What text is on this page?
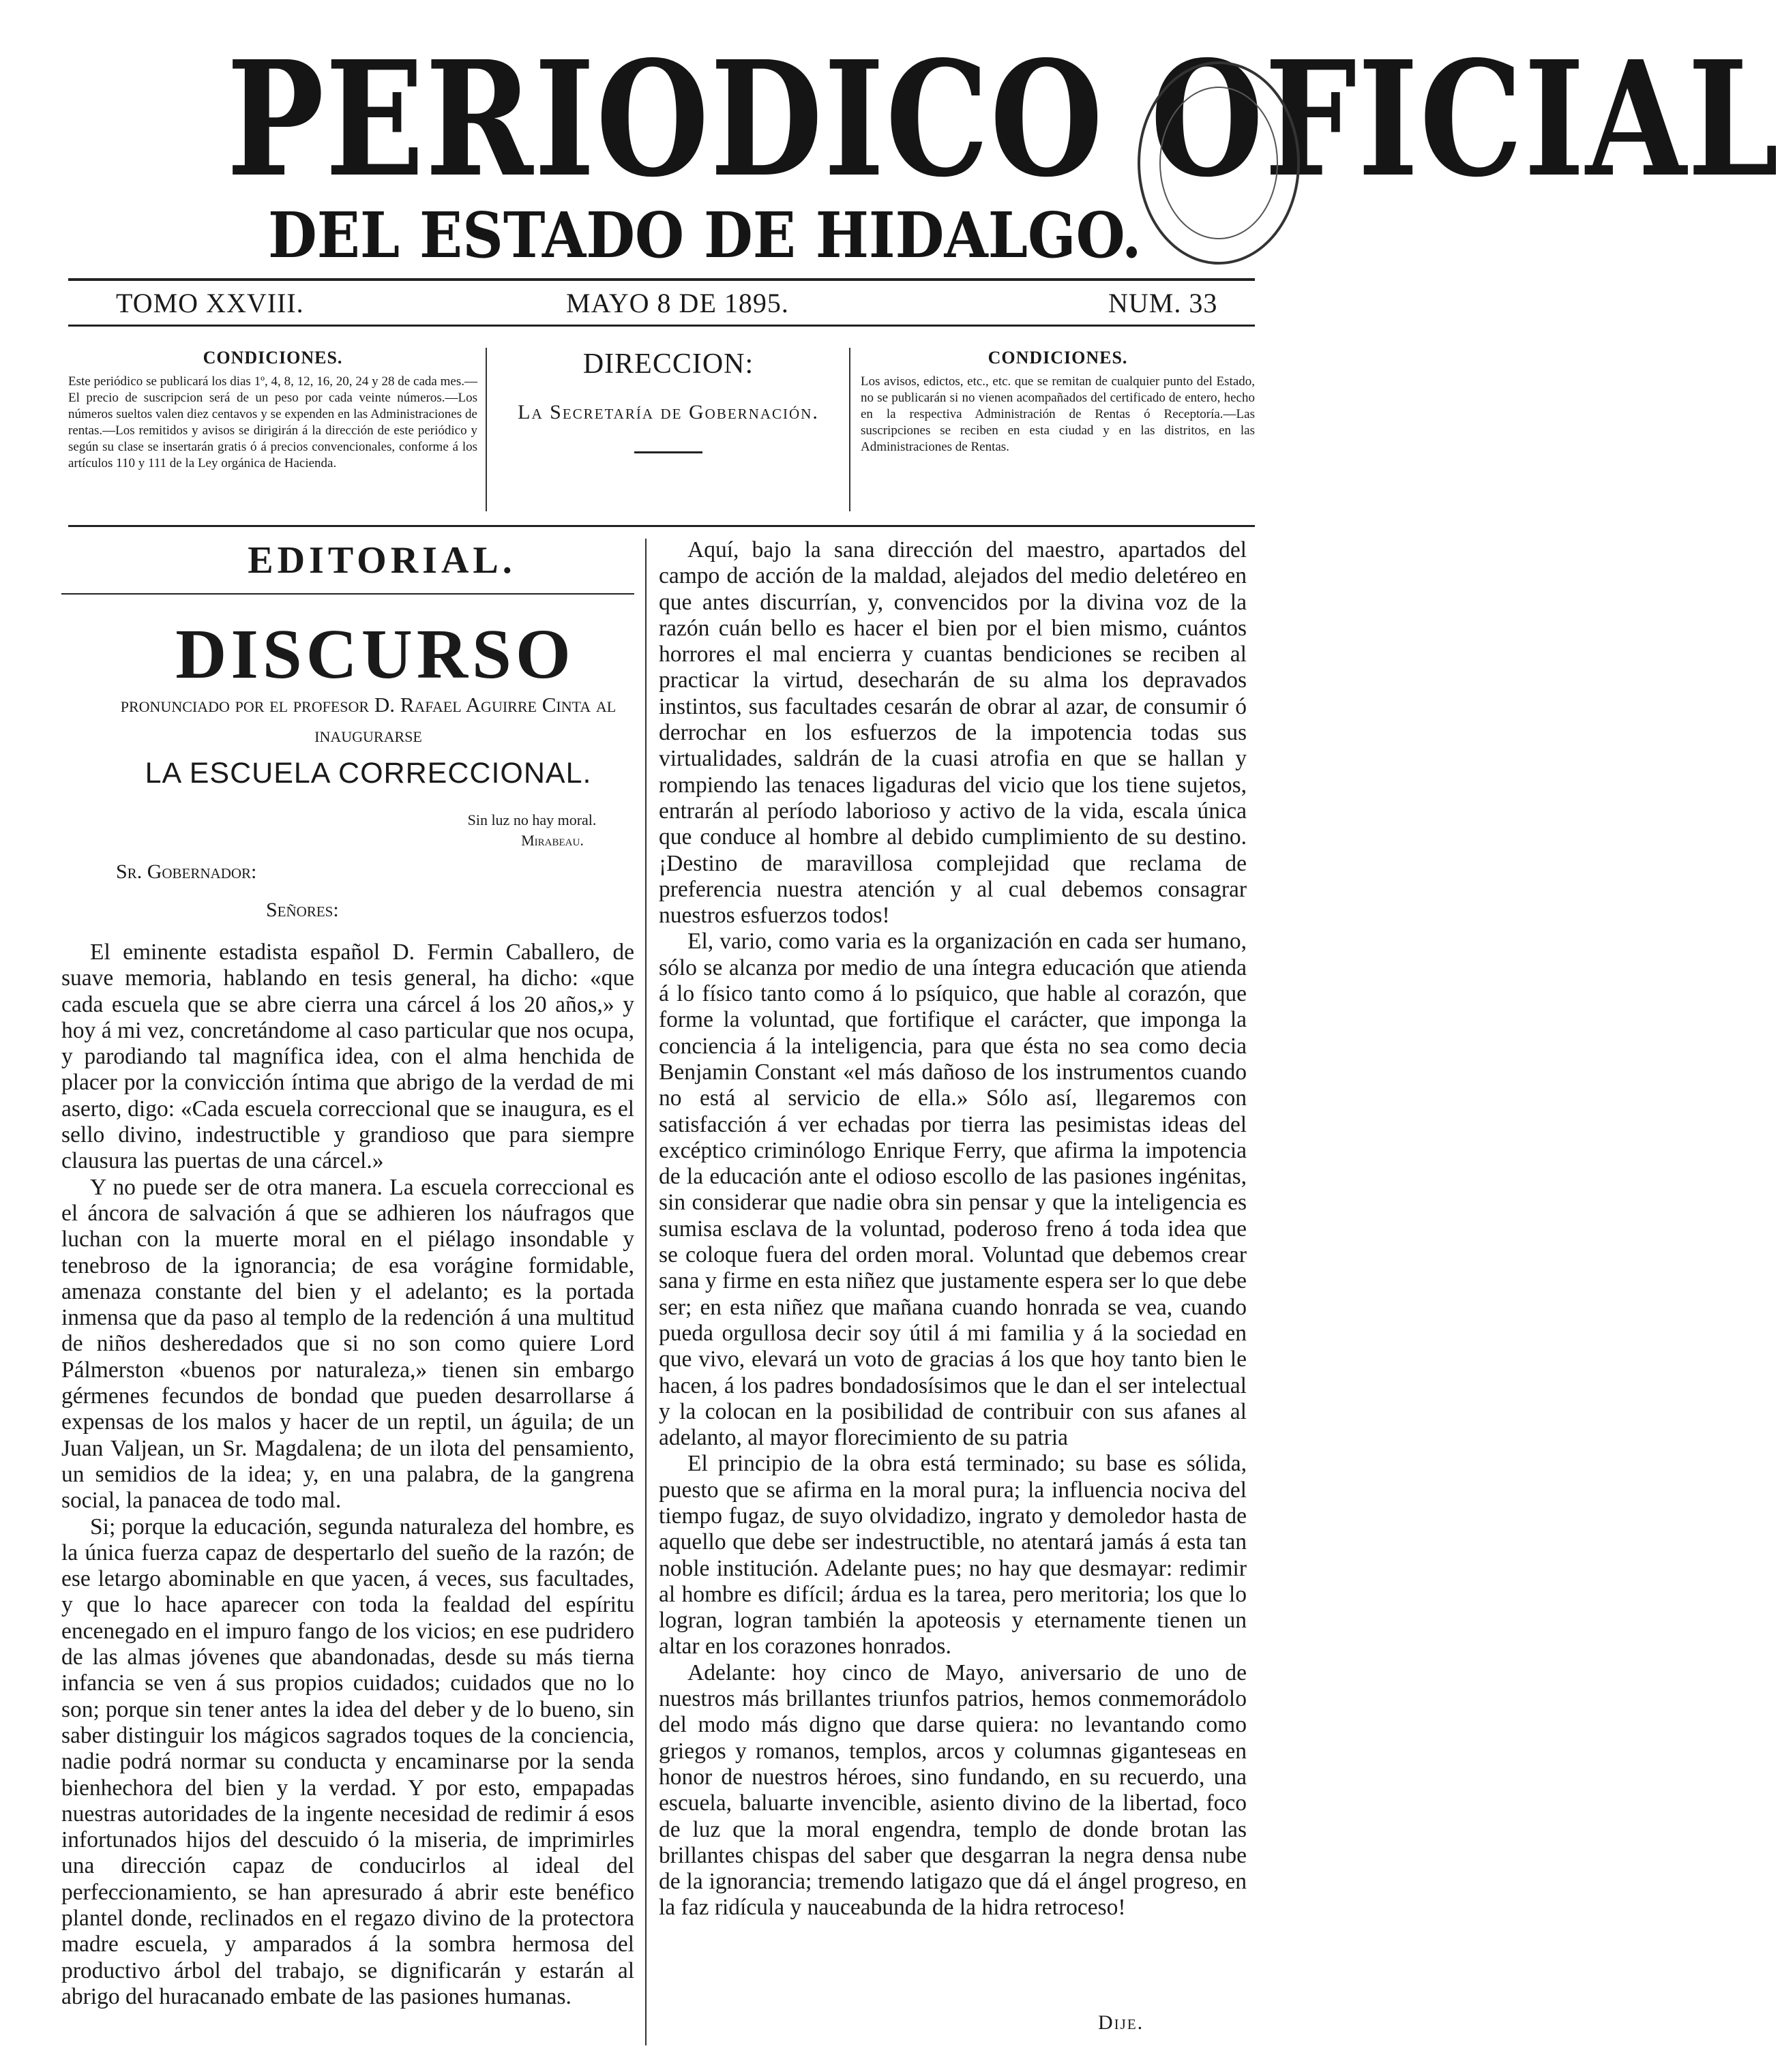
PERIODICO OFICIAL
DEL ESTADO DE HIDALGO.
TOMO XXVIII.	MAYO 8 DE 1895.	NUM. 33
CONDICIONES.
Este periódico se publicará los dias 1º, 4, 8, 12, 16, 20, 24 y 28 de cada mes.—El precio de suscripcion será de un peso por cada veinte números.—Los números sueltos valen diez centavos y se expenden en las Administraciones de rentas.—Los remitidos y avisos se dirigirán á la dirección de este periódico y según su clase se insertarán gratis ó á precios convencionales, conforme á los artículos 110 y 111 de la Ley orgánica de Hacienda.
DIRECCION:
La Secretaría de Gobernación.
CONDICIONES.
Los avisos, edictos, etc., etc. que se remitan de cualquier punto del Estado, no se publicarán si no vienen acompañados del certificado de entero, hecho en la respectiva Administración de Rentas ó Receptoría.—Las suscripciones se reciben en esta ciudad y en las distritos, en las Administraciones de Rentas.
EDITORIAL.
DISCURSO
pronunciado por el profesor D. Rafael Aguirre Cinta al inaugurarse
LA ESCUELA CORRECCIONAL.
Sin luz no hay moral.
Mirabeau.
Sr. Gobernador:
Señores:

El eminente estadista español D. Fermin Caballero, de suave memoria, hablando en tesis general, ha dicho: «que cada escuela que se abre cierra una cárcel á los 20 años,» y hoy á mi vez, concretándome al caso particular que nos ocupa, y parodiando tal magnífica idea, con el alma henchida de placer por la convicción íntima que abrigo de la verdad de mi aserto, digo: «Cada escuela correccional que se inaugura, es el sello divino, indestructible y grandioso que para siempre clausura las puertas de una cárcel.»

Y no puede ser de otra manera. La escuela correccional es el áncora de salvación á que se adhieren los náufragos que luchan con la muerte moral en el piélago insondable y tenebroso de la ignorancia; de esa vorágine formidable, amenaza constante del bien y el adelanto; es la portada inmensa que da paso al templo de la redención á una multitud de niños desheredados que si no son como quiere Lord Pálmerston «buenos por naturaleza,» tienen sin embargo gérmenes fecundos de bondad que pueden desarrollarse á expensas de los malos y hacer de un reptil, un águila; de un Juan Valjean, un Sr. Magdalena; de un ilota del pensamiento, un semidios de la idea; y, en una palabra, de la gangrena social, la panacea de todo mal.

Si; porque la educación, segunda naturaleza del hombre, es la única fuerza capaz de despertarlo del sueño de la razón; de ese letargo abominable en que yacen, á veces, sus facultades, y que lo hace aparecer con toda la fealdad del espíritu encenegado en el impuro fango de los vicios; en ese pudridero de las almas jóvenes que abandonadas, desde su más tierna infancia se ven á sus propios cuidados; cuidados que no lo son; porque sin tener antes la idea del deber y de lo bueno, sin saber distinguir los mágicos sagrados toques de la conciencia, nadie podrá normar su conducta y encaminarse por la senda bienhechora del bien y la verdad. Y por esto, empapadas nuestras autoridades de la ingente necesidad de redimir á esos infortunados hijos del descuido ó la miseria, de imprimirles una dirección capaz de conducirlos al ideal del perfeccionamiento, se han apresurado á abrir este benéfico plantel donde, reclinados en el regazo divino de la protectora madre escuela, y amparados á la sombra hermosa del productivo árbol del trabajo, se dignificarán y estarán al abrigo del huracanado embate de las pasiones humanas.

Aquí, bajo la sana dirección del maestro, apartados del campo de acción de la maldad, alejados del medio deletéreo en que antes discurrían, y, convencidos por la divina voz de la razón cuán bello es hacer el bien por el bien mismo, cuántos horrores el mal encierra y cuantas bendiciones se reciben al practicar la virtud, desecharán de su alma los depravados instintos, sus facultades cesarán de obrar al azar, de consumir ó derrochar en los esfuerzos de la impotencia todas sus virtualidades, saldrán de la cuasi atrofia en que se hallan y rompiendo las tenaces ligaduras del vicio que los tiene sujetos, entrarán al período laborioso y activo de la vida, escala única que conduce al hombre al debido cumplimiento de su destino. ¡Destino de maravillosa complejidad que reclama de preferencia nuestra atención y al cual debemos consagrar nuestros esfuerzos todos!

El, vario, como varia es la organización en cada ser humano, sólo se alcanza por medio de una íntegra educación que atienda á lo físico tanto como á lo psíquico, que hable al corazón, que forme la voluntad, que fortifique el carácter, que imponga la conciencia á la inteligencia, para que ésta no sea como decia Benjamin Constant «el más dañoso de los instrumentos cuando no está al servicio de ella.» Sólo así, llegaremos con satisfacción á ver echadas por tierra las pesimistas ideas del excéptico criminólogo Enrique Ferry, que afirma la impotencia de la educación ante el odioso escollo de las pasiones ingénitas, sin considerar que nadie obra sin pensar y que la inteligencia es sumisa esclava de la voluntad, poderoso freno á toda idea que se coloque fuera del orden moral. Voluntad que debemos crear sana y firme en esta niñez que justamente espera ser lo que debe ser; en esta niñez que mañana cuando honrada se vea, cuando pueda orgullosa decir soy útil á mi familia y á la sociedad en que vivo, elevará un voto de gracias á los que hoy tanto bien le hacen, á los padres bondadosísimos que le dan el ser intelectual y la colocan en la posibilidad de contribuir con sus afanes al adelanto, al mayor florecimiento de su patria

El principio de la obra está terminado; su base es sólida, puesto que se afirma en la moral pura; la influencia nociva del tiempo fugaz, de suyo olvidadizo, ingrato y demoledor hasta de aquello que debe ser indestructible, no atentará jamás á esta tan noble institución. Adelante pues; no hay que desmayar: redimir al hombre es difícil; árdua es la tarea, pero meritoria; los que lo logran, logran también la apoteosis y eternamente tienen un altar en los corazones honrados.

Adelante: hoy cinco de Mayo, aniversario de uno de nuestros más brillantes triunfos patrios, hemos conmemorádolo del modo más digno que darse quiera: no levantando como griegos y romanos, templos, arcos y columnas giganteseas en honor de nuestros héroes, sino fundando, en su recuerdo, una escuela, baluarte invencible, asiento divino de la libertad, foco de luz que la moral engendra, templo de donde brotan las brillantes chispas del saber que desgarran la negra densa nube de la ignorancia; tremendo latigazo que dá el ángel progreso, en la faz ridícula y nauceabunda de la hidra retroceso!

Dije.
